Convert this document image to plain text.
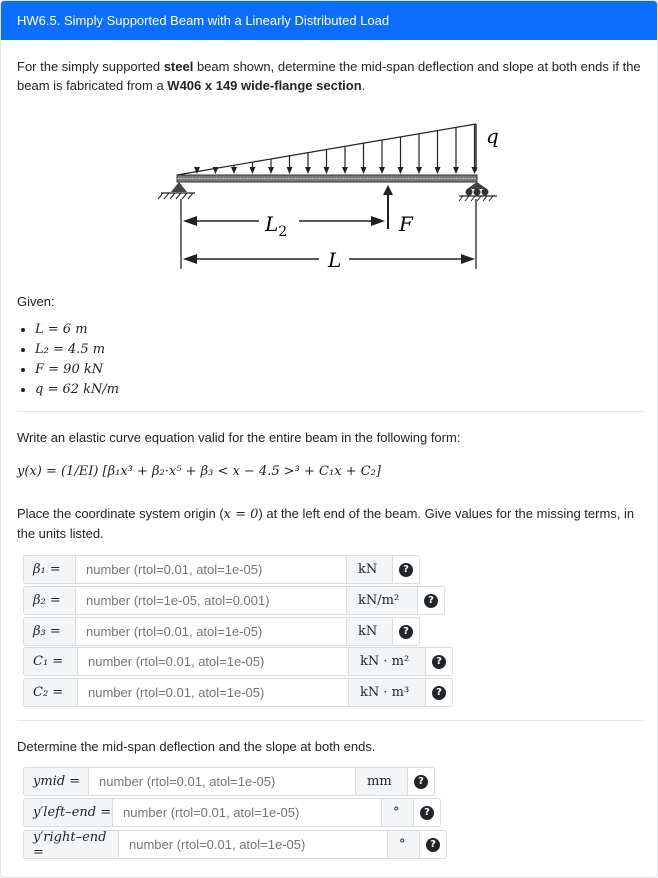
HW6.5. Simply Supported Beam with a Linearly Distributed Load
For the simply supported steel beam shown, determine the mid-span deflection and slope at both ends if the beam is fabricated from a W406 x 149 wide-flange section.
q
F
$L_2$
L
Given:
• L = 6 m
• L₂ = 4.5 m
• F = 90 kN
• q = 62 kN/m
Write an elastic curve equation valid for the entire beam in the following form:
y(x) = (1/EI) [β₁x³ + β₂·x⁵ + β₃ < x − 4.5 >³ + C₁x + C₂]
Place the coordinate system origin (x = 0) at the left end of the beam. Give values for the missing terms, in the units listed.
β₁ =
number (rtol=0.01, atol=1e-05)	kN	?
β₂ =
number (rtol=1e-05, atol=0.001)	kN/m²	?
β₃ =
number (rtol=0.01, atol=1e-05)	kN	?
C₁ =
number (rtol=0.01, atol=1e-05)	kN · m²	?
C₂ =
number (rtol=0.01, atol=1e-05)	kN · m³	?
Determine the mid-span deflection and the slope at both ends.
ymid =
number (rtol=0.01, atol=1e-05)	mm	?
y′left–end =
number (rtol=0.01, atol=1e-05)	°	?
y′right–end =
number (rtol=0.01, atol=1e-05)	°	?
